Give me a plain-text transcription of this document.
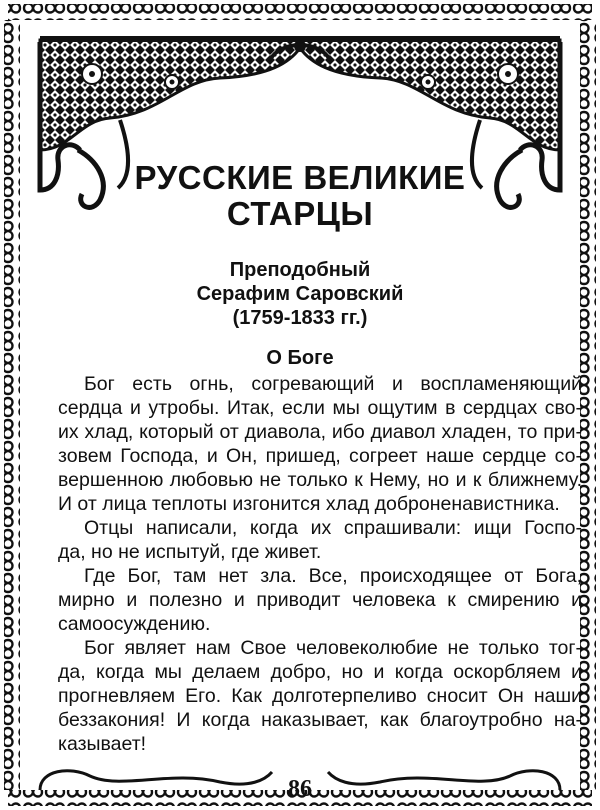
РУССКИЕ ВЕЛИКИЕ
СТАРЦЫ
Преподобный
Серафим Саровский
(1759-1833 гг.)
О Боге
Бог есть огнь, согревающий и воспламеняющий
сердца и утробы. Итак, если мы ощутим в сердцах сво-
их хлад, который от диавола, ибо диавол хладен, то при-
зовем Господа, и Он, пришед, согреет наше сердце со-
вершенною любовью не только к Нему, но и к ближнему.
И от лица теплоты изгонится хлад доброненавистника.
Отцы написали, когда их спрашивали: ищи Госпо-
да, но не испытуй, где живет.
Где Бог, там нет зла. Все, происходящее от Бога,
мирно и полезно и приводит человека к смирению и
самоосуждению.
Бог являет нам Свое человеколюбие не только тог-
да, когда мы делаем добро, но и когда оскорбляем и
прогневляем Его. Как долготерпеливо сносит Он наши
беззакония! И когда наказывает, как благоутробно на-
казывает!
86
